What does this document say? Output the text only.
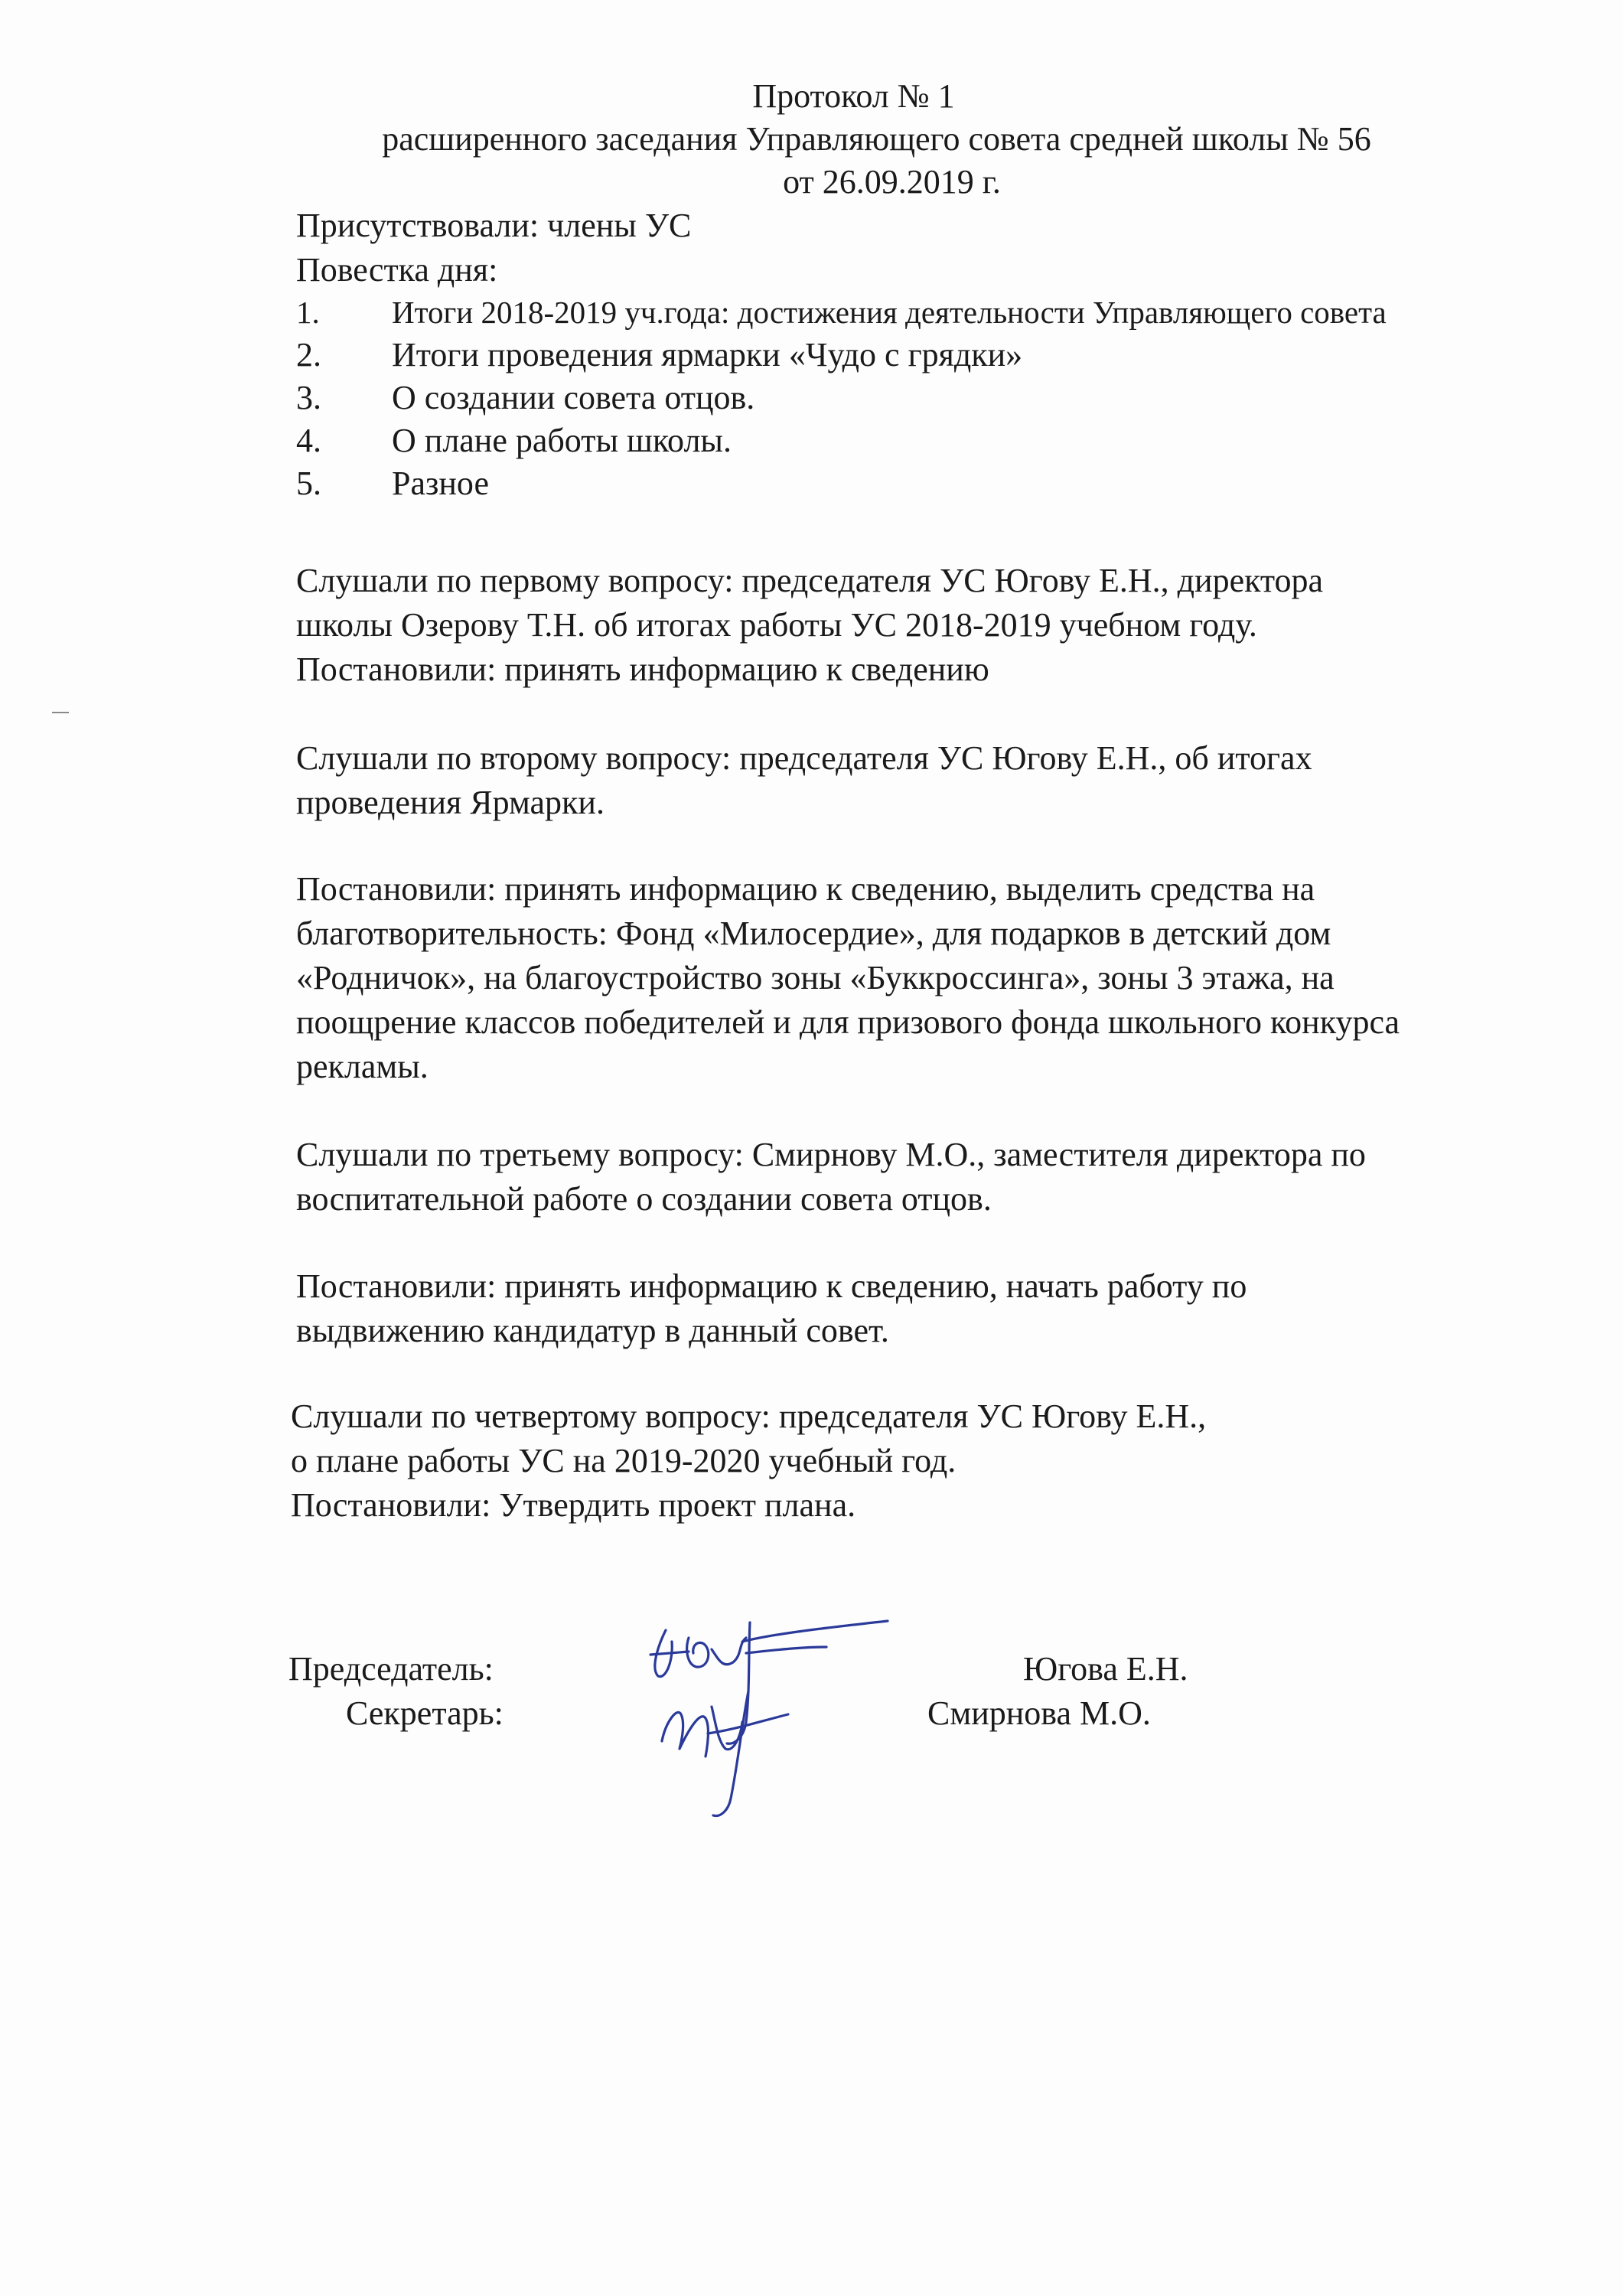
Протокол № 1
расширенного заседания Управляющего совета средней школы № 56
от 26.09.2019 г.

Присутствовали: члены УС

Повестка дня:

1. Итоги 2018-2019 уч.года: достижения деятельности Управляющего совета
2. Итоги проведения ярмарки «Чудо с грядки»
3. О создании совета отцов.
4. О плане работы школы.
5. Разное

Слушали по первому вопросу: председателя УС Югову Е.Н., директора

школы Озерову Т.Н. об итогах работы УС 2018-2019 учебном году.

Постановили: принять информацию к сведению

Слушали по второму вопросу: председателя УС Югову Е.Н., об итогах

проведения Ярмарки.

Постановили: принять информацию к сведению, выделить средства на

благотворительность: Фонд «Милосердие», для подарков в детский дом

«Родничок», на благоустройство зоны «Буккроссинга», зоны 3 этажа, на

поощрение классов победителей и для призового фонда школьного конкурса

рекламы.

Слушали по третьему вопросу: Смирнову М.О., заместителя директора по

воспитательной работе о создании совета отцов.

Постановили: принять информацию к сведению, начать работу по

выдвижению кандидатур в данный совет.

Слушали по четвертому вопросу: председателя УС Югову Е.Н.,

о плане работы УС на 2019-2020 учебный год.

Постановили: Утвердить проект плана.

Председатель:
Секретарь:
Югова Е.Н.
Смирнова М.О.
